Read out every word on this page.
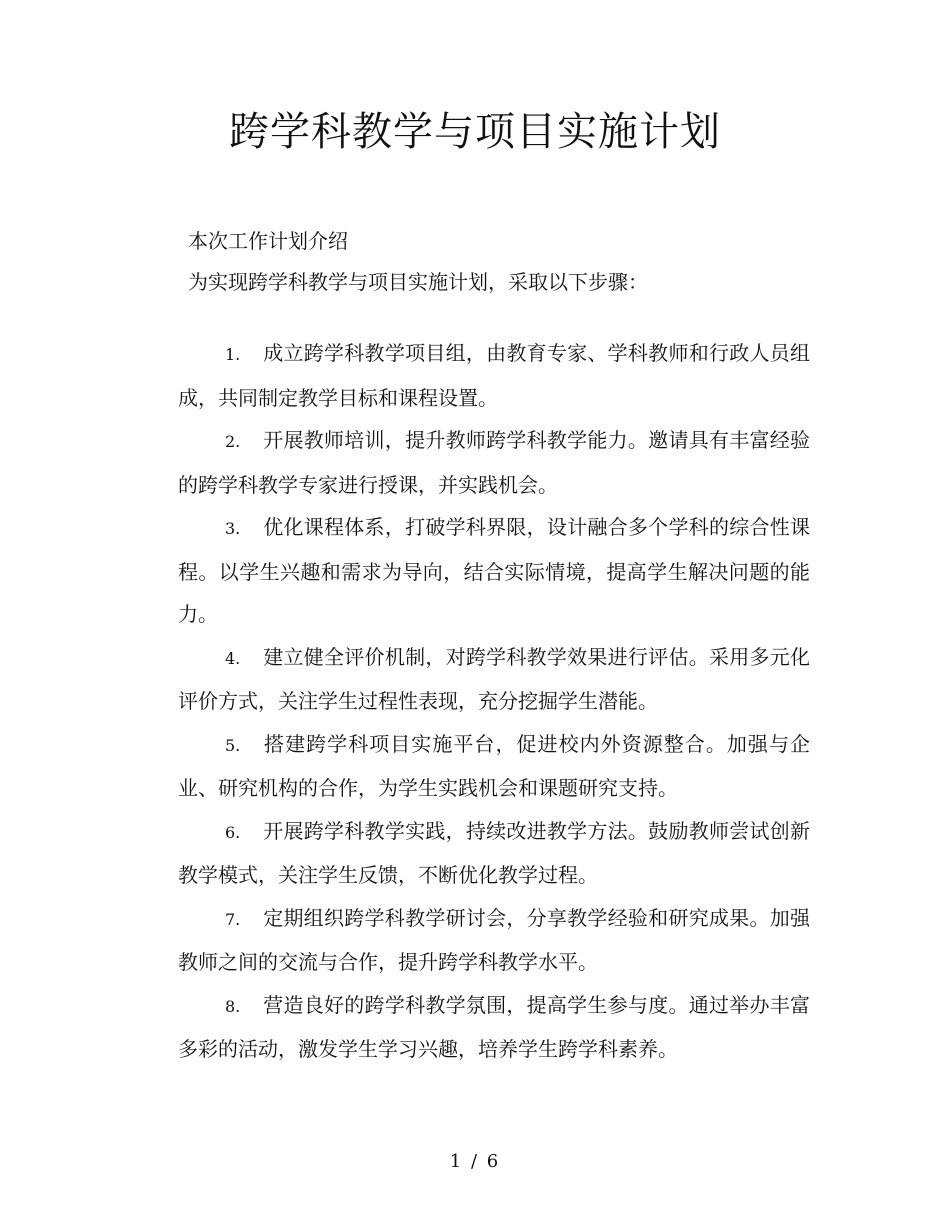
跨学科教学与项目实施计划

本次工作计划介绍

为实现跨学科教学与项目实施计划，采取以下步骤：

1. 成立跨学科教学项目组，由教育专家、学科教师和行政人员组成，共同制定教学目标和课程设置。

2. 开展教师培训，提升教师跨学科教学能力。邀请具有丰富经验的跨学科教学专家进行授课，并实践机会。

3. 优化课程体系，打破学科界限，设计融合多个学科的综合性课程。以学生兴趣和需求为导向，结合实际情境，提高学生解决问题的能力。

4. 建立健全评价机制，对跨学科教学效果进行评估。采用多元化评价方式，关注学生过程性表现，充分挖掘学生潜能。

5. 搭建跨学科项目实施平台，促进校内外资源整合。加强与企业、研究机构的合作，为学生实践机会和课题研究支持。

6. 开展跨学科教学实践，持续改进教学方法。鼓励教师尝试创新教学模式，关注学生反馈，不断优化教学过程。

7. 定期组织跨学科教学研讨会，分享教学经验和研究成果。加强教师之间的交流与合作，提升跨学科教学水平。

8. 营造良好的跨学科教学氛围，提高学生参与度。通过举办丰富多彩的活动，激发学生学习兴趣，培养学生跨学科素养。

1 / 6
